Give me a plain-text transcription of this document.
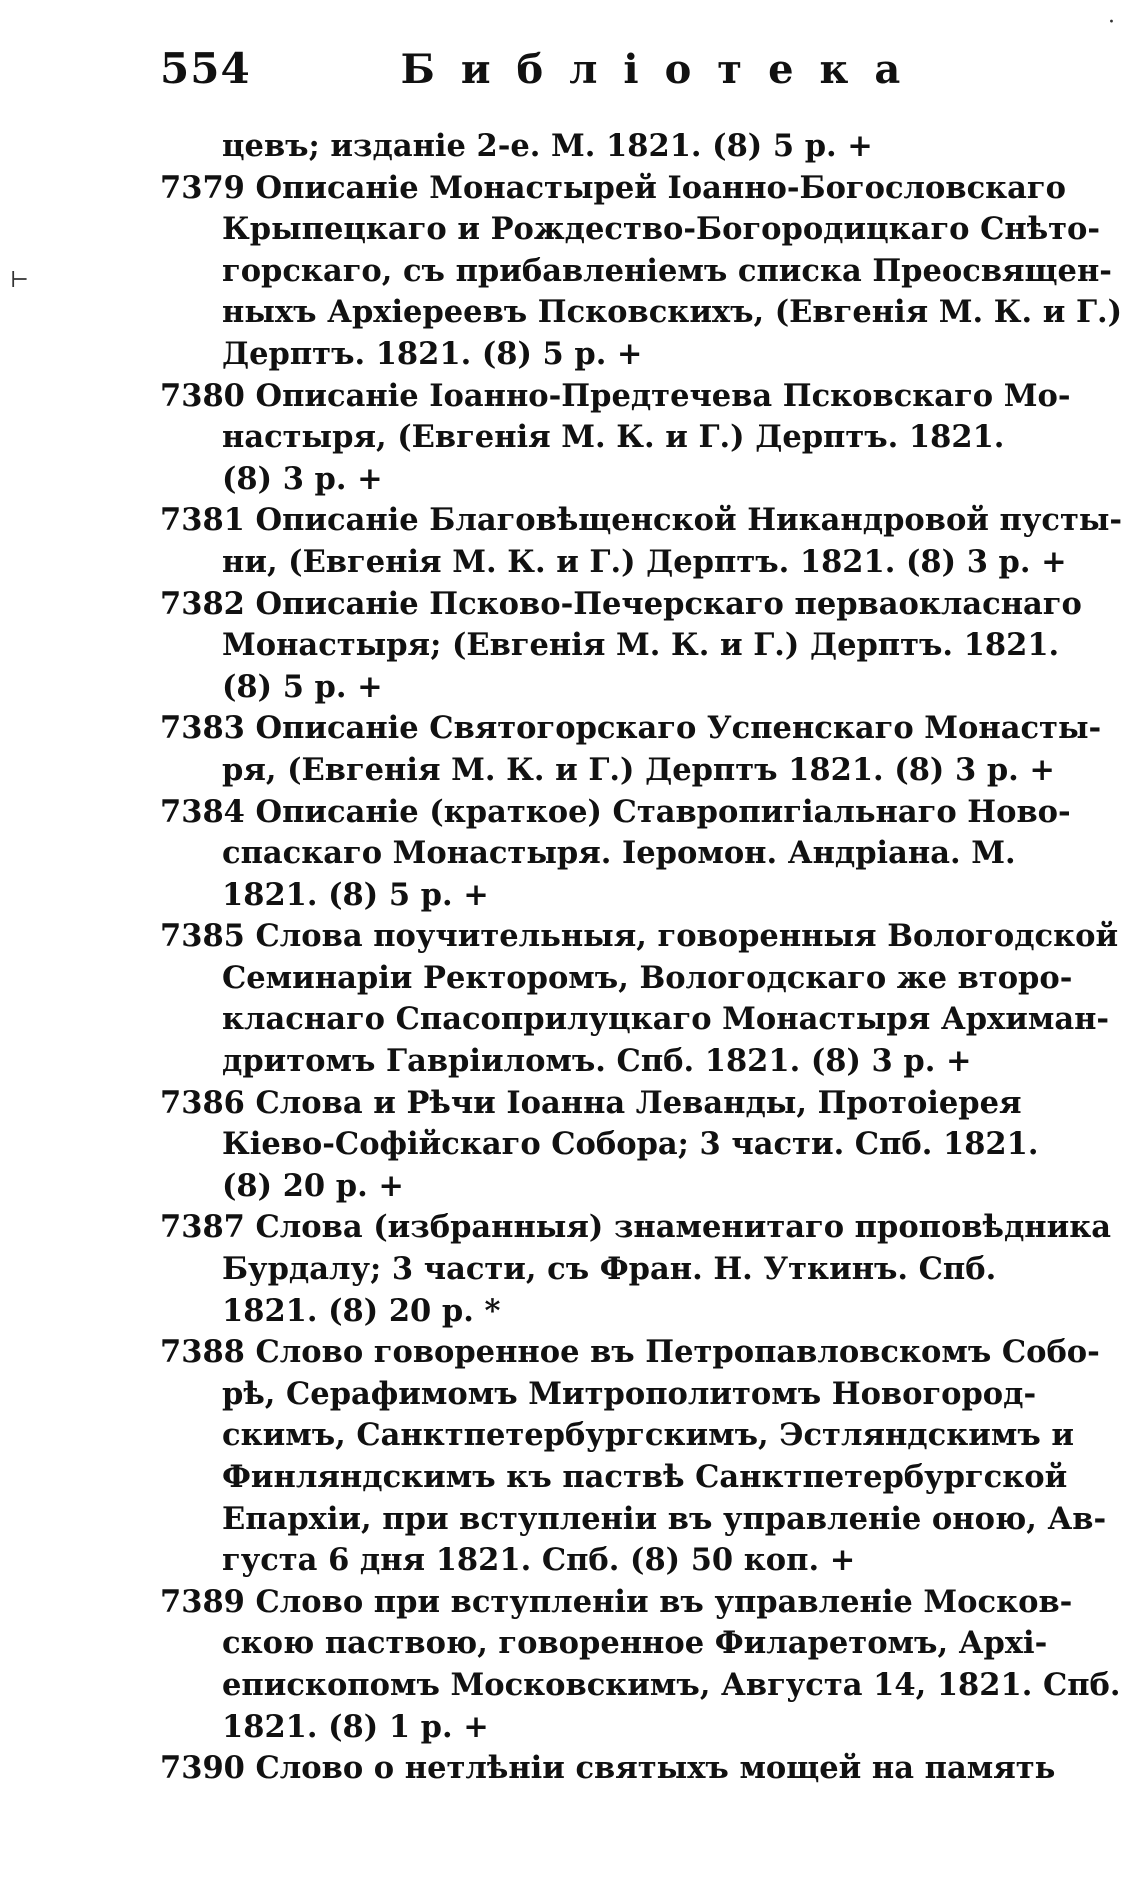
554	Библіотека
цевъ; изданіе 2-е. М. 1821. (8) 5 р. +
7379 Описаніе Монастырей Іоанно-Богословскаго
Крыпецкаго и Рождество-Богородицкаго Снѣто-
горскаго, съ прибавленіемъ списка Преосвящен-
ныхъ Архіереевъ Псковскихъ, (Евгенія М. К. и Г.)
Дерптъ. 1821. (8) 5 р. +
7380 Описаніе Іоанно-Предтечева Псковскаго Мо-
настыря, (Евгенія М. К. и Г.) Дерптъ. 1821.
(8) 3 р. +
7381 Описаніе Благовѣщенской Никандровой пусты-
ни, (Евгенія М. К. и Г.) Дерптъ. 1821. (8) 3 р. +
7382 Описаніе Псково-Печерскаго перваокласнаго
Монастыря; (Евгенія М. К. и Г.) Дерптъ. 1821.
(8) 5 р. +
7383 Описаніе Святогорскаго Успенскаго Монасты-
ря, (Евгенія М. К. и Г.) Дерптъ 1821. (8) 3 р. +
7384 Описаніе (краткое) Ставропигіальнаго Ново-
спаскаго Монастыря. Іеромон. Андріана. М.
1821. (8) 5 р. +
7385 Слова поучительныя, говоренныя Вологодской
Семинаріи Ректоромъ, Вологодскаго же второ-
класнаго Спасоприлуцкаго Монастыря Архиман-
дритомъ Гавріиломъ. Спб. 1821. (8) 3 р. +
7386 Слова и Рѣчи Іоанна Леванды, Протоіерея
Кіево-Софійскаго Собора; 3 части. Спб. 1821.
(8) 20 р. +
7387 Слова (избранныя) знаменитаго проповѣдника
Бурдалу; 3 части, съ Фран. Н. Уткинъ. Спб.
1821. (8) 20 р. *
7388 Слово говоренное въ Петропавловскомъ Собо-
рѣ, Серафимомъ Митрополитомъ Новогород-
скимъ, Санктпетербургскимъ, Эстляндскимъ и
Финляндскимъ къ паствѣ Санктпетербургской
Епархіи, при вступленіи въ управленіе оною, Ав-
густа 6 дня 1821. Спб. (8) 50 коп. +
7389 Слово при вступленіи въ управленіе Москов-
скою паствою, говоренное Филаретомъ, Архі-
епископомъ Московскимъ, Августа 14, 1821. Спб.
1821. (8) 1 р. +
7390 Слово о нетлѣніи святыхъ мощей на память
⊢
·
